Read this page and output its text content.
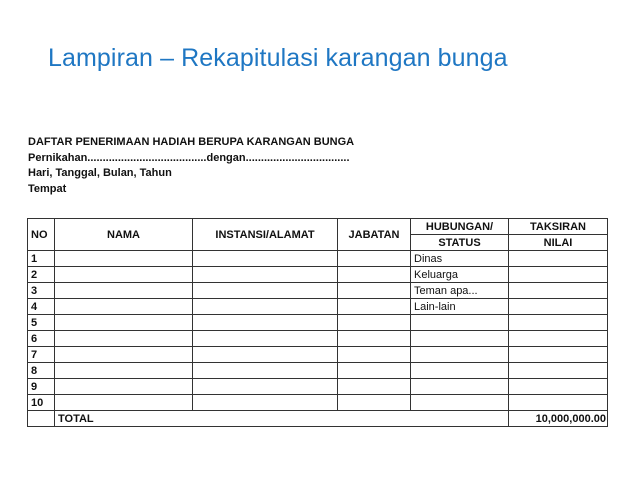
Lampiran – Rekapitulasi karangan bunga
DAFTAR PENERIMAAN HADIAH BERUPA KARANGAN BUNGA
Pernikahan.......................................dengan..................................
Hari, Tanggal, Bulan, Tahun
Tempat
NO	NAMA	INSTANSI/ALAMAT	JABATAN	HUBUNGAN/	TAKSIRAN
				STATUS	NILAI
1				Dinas	
2				Keluarga	
3				Teman apa...	
4				Lain-lain	
5					
6					
7					
8					
9					
10					
	TOTAL				10,000,000.00
